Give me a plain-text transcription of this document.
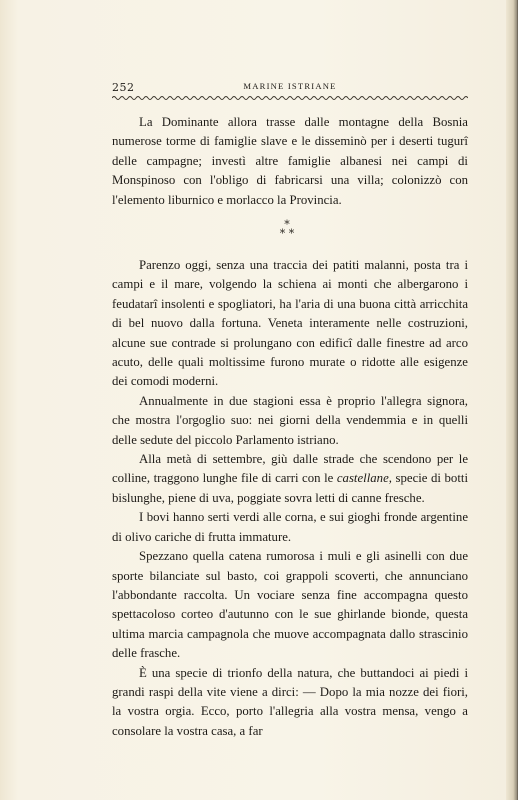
252	MARINE ISTRIANE

La Dominante allora trasse dalle montagne della Bosnia numerose torme di famiglie slave e le disseminò per i deserti tugurî delle campagne; investì altre famiglie albanesi nei campi di Monspinoso con l'obligo di fabricarsi una villa; colonizzò con l'elemento liburnico e morlacco la Provincia.

*
* *

Parenzo oggi, senza una traccia dei patiti malanni, posta tra i campi e il mare, volgendo la schiena ai monti che albergarono i feudatarî insolenti e spogliatori, ha l'aria di una buona città arricchita di bel nuovo dalla fortuna. Veneta interamente nelle costruzioni, alcune sue contrade si prolungano con edificî dalle finestre ad arco acuto, delle quali moltissime furono murate o ridotte alle esigenze dei comodi moderni.

Annualmente in due stagioni essa è proprio l'allegra signora, che mostra l'orgoglio suo: nei giorni della vendemmia e in quelli delle sedute del piccolo Parlamento istriano.

Alla metà di settembre, giù dalle strade che scendono per le colline, traggono lunghe file di carri con le castellane, specie di botti bislunghe, piene di uva, poggiate sovra letti di canne fresche.

I bovi hanno serti verdi alle corna, e sui gioghi fronde argentine di olivo cariche di frutta immature.

Spezzano quella catena rumorosa i muli e gli asinelli con due sporte bilanciate sul basto, coi grappoli scoverti, che annunciano l'abbondante raccolta. Un vociare senza fine accompagna questo spettacoloso corteo d'autunno con le sue ghirlande bionde, questa ultima marcia campagnola che muove accompagnata dallo strascinio delle frasche.

È una specie di trionfo della natura, che buttandoci ai piedi i grandi raspi della vite viene a dirci: — Dopo la mia nozze dei fiori, la vostra orgia. Ecco, porto l'allegria alla vostra mensa, vengo a consolare la vostra casa, a far
